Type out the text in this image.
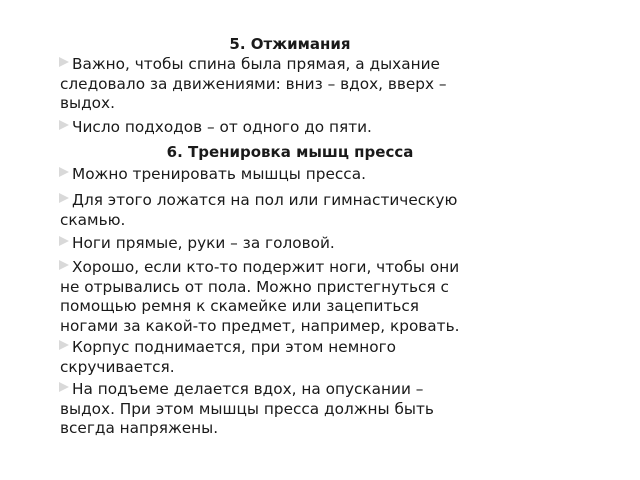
5. Отжимания
Важно, чтобы спина была прямая, а дыхание
следовало за движениями: вниз – вдох, вверх –
выдох.
Число подходов – от одного до пяти.
6. Тренировка мышц пресса
Можно тренировать мышцы пресса.
Для этого ложатся на пол или гимнастическую
скамью.
Ноги прямые, руки – за головой.
Хорошо, если кто-то подержит ноги, чтобы они
не отрывались от пола. Можно пристегнуться с
помощью ремня к скамейке или зацепиться
ногами за какой-то предмет, например, кровать.
Корпус поднимается, при этом немного
скручивается.
На подъеме делается вдох, на опускании –
выдох. При этом мышцы пресса должны быть
всегда напряжены.
